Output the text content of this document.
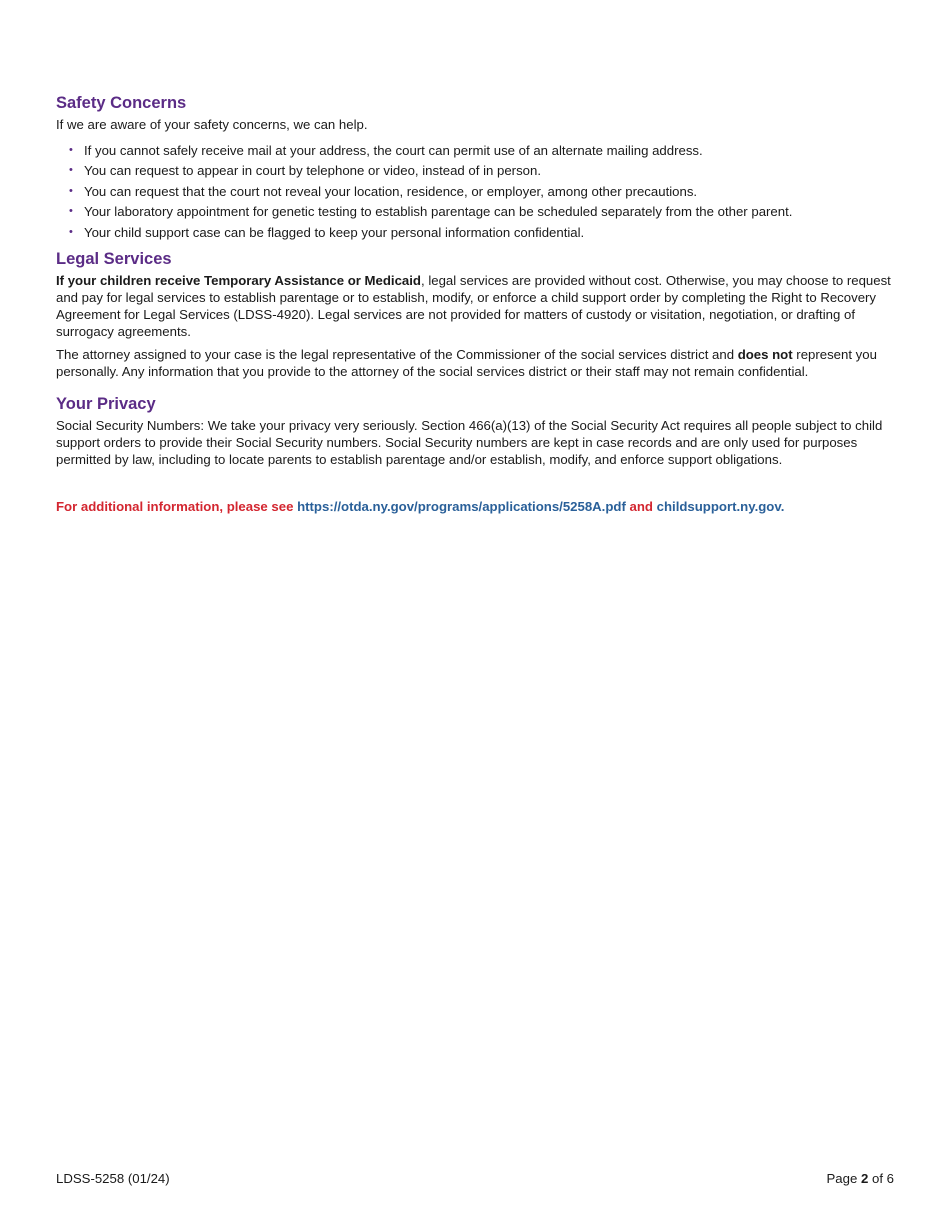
Safety Concerns

If we are aware of your safety concerns, we can help.

• If you cannot safely receive mail at your address, the court can permit use of an alternate mailing address.
• You can request to appear in court by telephone or video, instead of in person.
• You can request that the court not reveal your location, residence, or employer, among other precautions.
• Your laboratory appointment for genetic testing to establish parentage can be scheduled separately from the other parent.
• Your child support case can be flagged to keep your personal information confidential.
Legal Services

If your children receive Temporary Assistance or Medicaid, legal services are provided without cost. Otherwise, you may choose to request and pay for legal services to establish parentage or to establish, modify, or enforce a child support order by completing the Right to Recovery Agreement for Legal Services (LDSS-4920). Legal services are not provided for matters of custody or visitation, negotiation, or drafting of surrogacy agreements.

The attorney assigned to your case is the legal representative of the Commissioner of the social services district and does not represent you personally. Any information that you provide to the attorney of the social services district or their staff may not remain confidential.

Your Privacy

Social Security Numbers: We take your privacy very seriously. Section 466(a)(13) of the Social Security Act requires all people subject to child support orders to provide their Social Security numbers. Social Security numbers are kept in case records and are only used for purposes permitted by law, including to locate parents to establish parentage and/or establish, modify, and enforce support obligations.

For additional information, please see https://otda.ny.gov/programs/applications/5258A.pdf and childsupport.ny.gov.

LDSS-5258 (01/24)	Page 2 of 6
